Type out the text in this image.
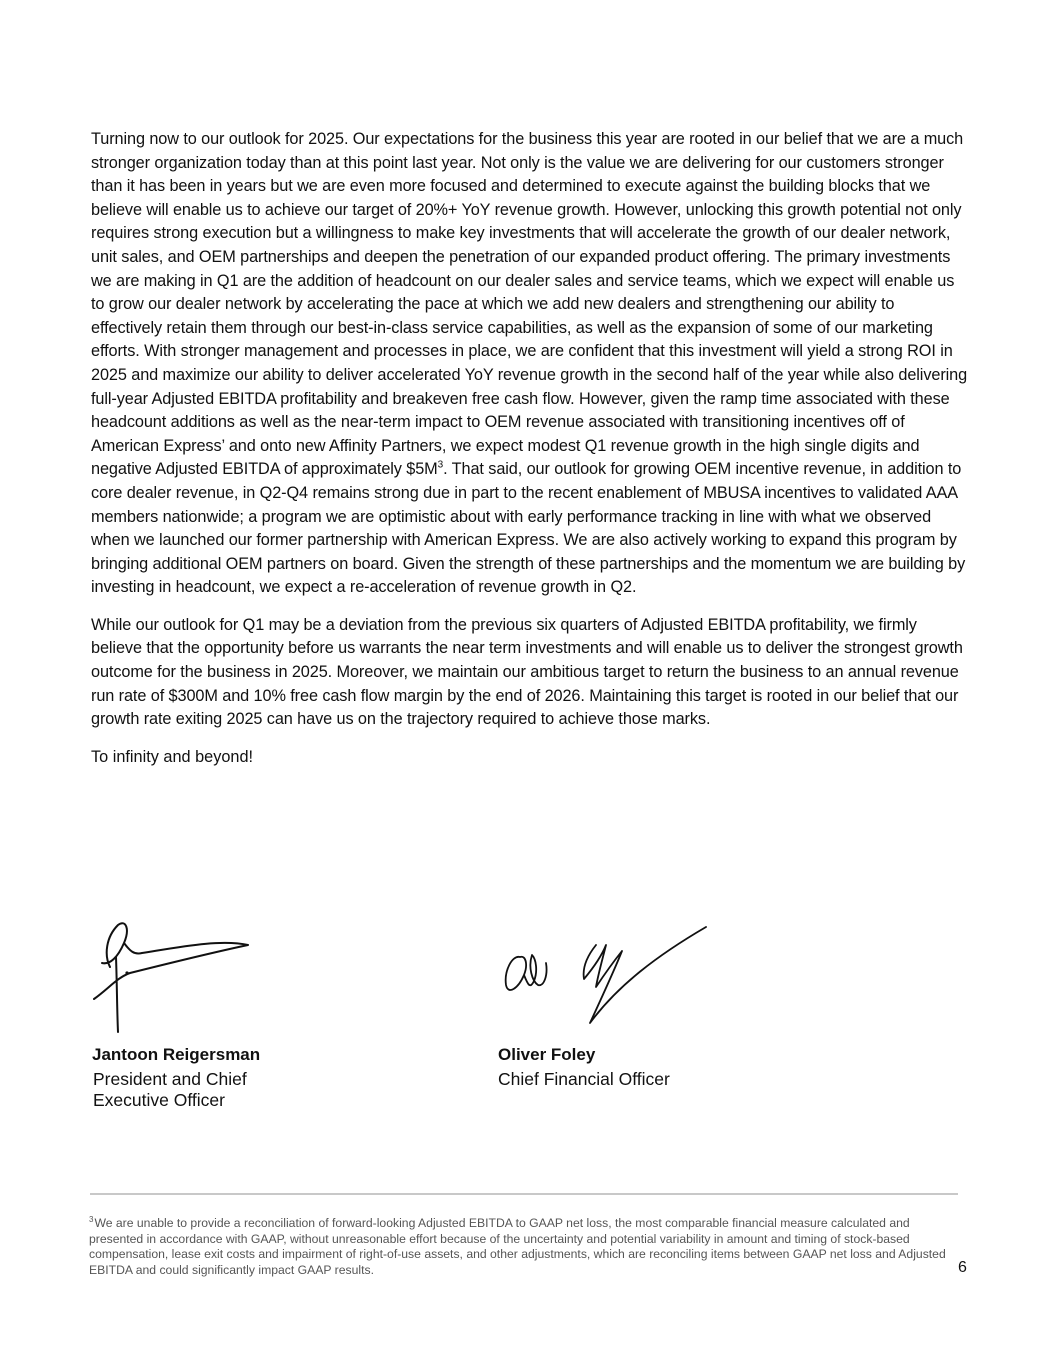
Turning now to our outlook for 2025. Our expectations for the business this year are rooted in our belief that we are a much stronger organization today than at this point last year. Not only is the value we are delivering for our customers stronger than it has been in years but we are even more focused and determined to execute against the building blocks that we believe will enable us to achieve our target of 20%+ YoY revenue growth. However, unlocking this growth potential not only requires strong execution but a willingness to make key investments that will accelerate the growth of our dealer network, unit sales, and OEM partnerships and deepen the penetration of our expanded product offering. The primary investments we are making in Q1 are the addition of headcount on our dealer sales and service teams, which we expect will enable us to grow our dealer network by accelerating the pace at which we add new dealers and strengthening our ability to effectively retain them through our best-in-class service capabilities, as well as the expansion of some of our marketing efforts. With stronger management and processes in place, we are confident that this investment will yield a strong ROI in 2025 and maximize our ability to deliver accelerated YoY revenue growth in the second half of the year while also delivering full-year Adjusted EBITDA profitability and breakeven free cash flow. However, given the ramp time associated with these headcount additions as well as the near-term impact to OEM revenue associated with transitioning incentives off of American Express’ and onto new Affinity Partners, we expect modest Q1 revenue growth in the high single digits and negative Adjusted EBITDA of approximately $\$5M^3$. That said, our outlook for growing OEM incentive revenue, in addition to core dealer revenue, in Q2-Q4 remains strong due in part to the recent enablement of MBUSA incentives to validated AAA members nationwide; a program we are optimistic about with early performance tracking in line with what we observed when we launched our former partnership with American Express. We are also actively working to expand this program by bringing additional OEM partners on board. Given the strength of these partnerships and the momentum we are building by investing in headcount, we expect a re-acceleration of revenue growth in Q2.

While our outlook for Q1 may be a deviation from the previous six quarters of Adjusted EBITDA profitability, we firmly believe that the opportunity before us warrants the near term investments and will enable us to deliver the strongest growth outcome for the business in 2025. Moreover, we maintain our ambitious target to return the business to an annual revenue run rate of $300M and 10% free cash flow margin by the end of 2026. Maintaining this target is rooted in our belief that our growth rate exiting 2025 can have us on the trajectory required to achieve those marks.

To infinity and beyond!

Jantoon Reigersman
President and Chief Executive Officer
Oliver Foley
Chief Financial Officer
$^3$We are unable to provide a reconciliation of forward-looking Adjusted EBITDA to GAAP net loss, the most comparable financial measure calculated and presented in accordance with GAAP, without unreasonable effort because of the uncertainty and potential variability in amount and timing of stock-based compensation, lease exit costs and impairment of right-of-use assets, and other adjustments, which are reconciling items between GAAP net loss and Adjusted EBITDA and could significantly impact GAAP results.	6
